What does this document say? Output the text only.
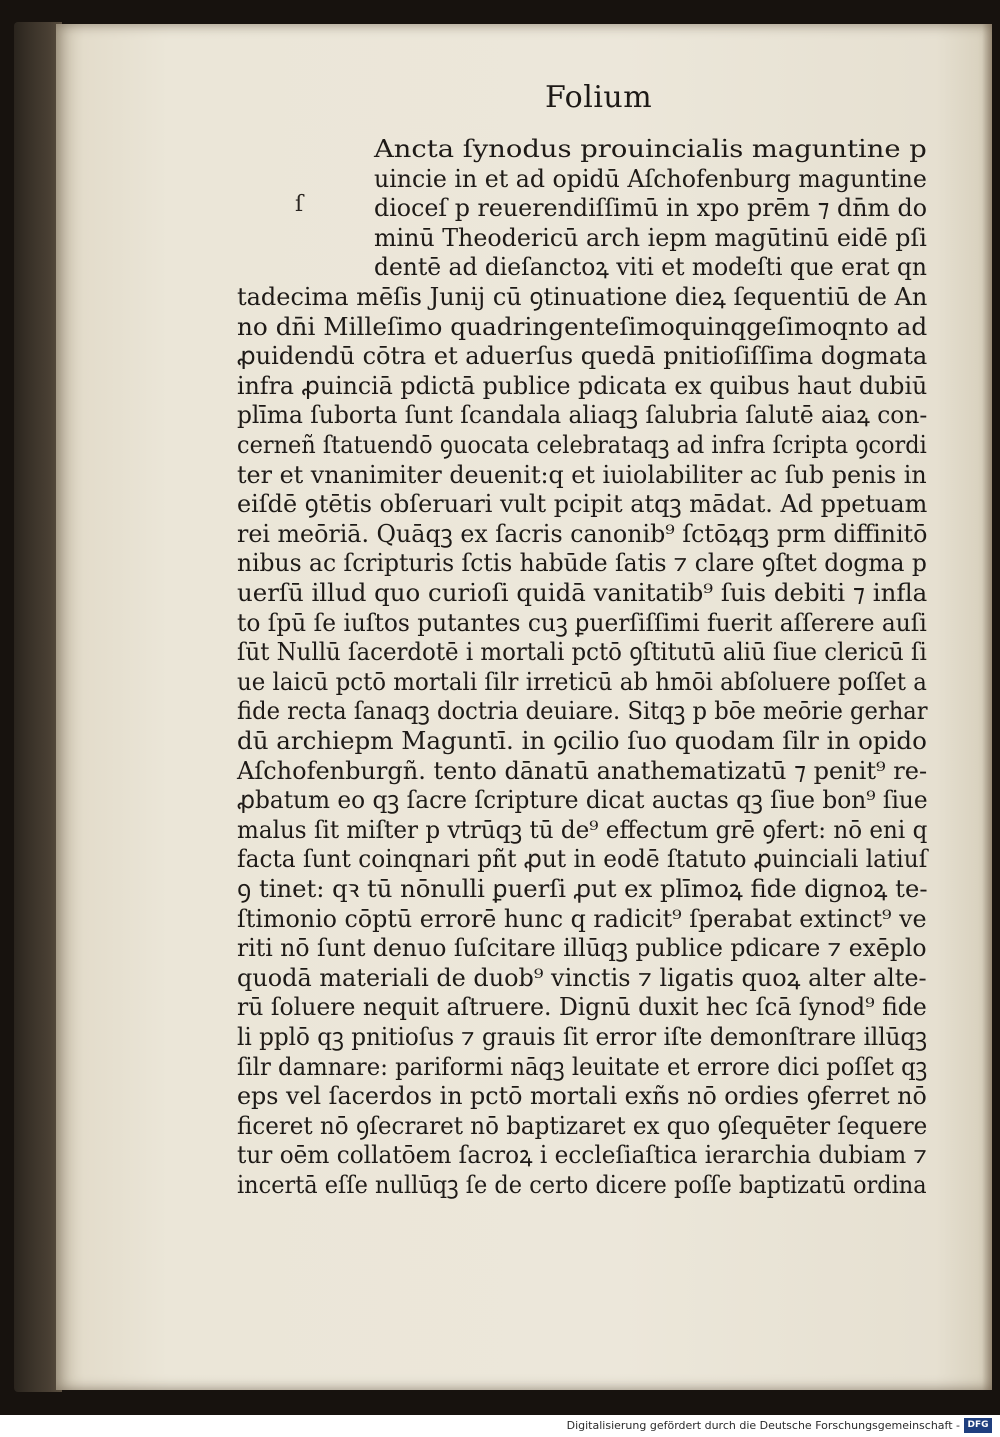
Folium
ſ
Ancta ſynodus prouincialis maguntine p
uincie in et ad opidū Aſchofenburg maguntine
dioceſ p reuerendiſſimū in xpo prēm ⁊ dn̄m do
minū Theodericū arch iepm magūtinū eidē pſi
dentē ad dieſanctoꝝ viti et modeſti que erat qn
tadecima mēſis Junij cū ꝯtinuatione dieꝝ ſequentiū de An
no dn̄i Milleſimo quadringenteſimoquinqgeſimoqnto ad
ꝓuidendū cōtra et aduerſus quedā pnitioſiſſima dogmata
infra ꝓuinciā pdictā publice pdicata ex quibus haut dubiū
plīma ſuborta ſunt ſcandala aliaqꝫ ſalubria ſalutē aiaꝝ con-
cerneñ ſtatuendō ꝯuocata celebrataqꝫ ad infra ſcripta ꝯcordi
ter et vnanimiter deuenit:q et iuiolabiliter ac ſub penis in
eiſdē ꝯtētis obſeruari vult pcipit atqꝫ mādat. Ad ppetuam
rei meōriā. Quāqꝫ ex ſacris canonib⁹ ſctōꝝqꝫ prm diffinitō
nibus ac ſcripturis ſctis habūde ſatis ⁊ clare ꝯſtet dogma p
uerſū illud quo curioſi quidā vanitatib⁹ ſuis debiti ⁊ infla
to ſpū ſe iuſtos putantes cuꝫ ꝑuerſiſſimi fuerit aſſerere auſi
ſūt Nullū ſacerdotē i mortali pctō ꝯſtitutū aliū ſiue clericū ſi
ue laicū pctō mortali ſilr irreticū ab hmōi abſoluere poſſet a
fide recta ſanaqꝫ doctria deuiare. Sitqꝫ p bōe meōrie gerhar
dū archiepm Maguntī. in ꝯcilio ſuo quodam ſilr in opido
Aſchofenburgñ. tento dānatū anathematizatū ⁊ penit⁹ re-
ꝓbatum eo qꝫ ſacre ſcripture dicat auctas qꝫ ſiue bon⁹ ſiue
malus ſit miſter p vtrūqꝫ tū de⁹ effectum grē ꝯfert: nō eni q
facta ſunt coinqnari pñt ꝓut in eodē ſtatuto ꝓuinciali latiuſ
ꝯ tinet: qꝛ tū nōnulli ꝑuerſi ꝓut ex plīmoꝝ fide dignoꝝ te-
ſtimonio cōptū errorē hunc q radicit⁹ ſperabat extinct⁹ ve
riti nō ſunt denuo ſuſcitare illūqꝫ publice pdicare ⁊ exēplo
quodā materiali de duob⁹ vinctis ⁊ ligatis quoꝝ alter alte-
rū ſoluere nequit aſtruere. Dignū duxit hec ſcā ſynod⁹ fide
li pplō qꝫ pnitioſus ⁊ grauis ſit error iſte demonſtrare illūqꝫ
ſilr damnare: pariformi nāqꝫ leuitate et errore dici poſſet qꝫ
eps vel ſacerdos in pctō mortali exñs nō ordies ꝯferret nō
ficeret nō ꝯſecraret nō baptizaret ex quo ꝯſequēter ſequere
tur oēm collatōem ſacroꝝ i eccleſiaſtica ierarchia dubiam ⁊
incertā eſſe nullūqꝫ ſe de certo dicere poſſe baptizatū ordina
Digitalisierung gefördert durch die Deutsche Forschungsgemeinschaft - DFG
